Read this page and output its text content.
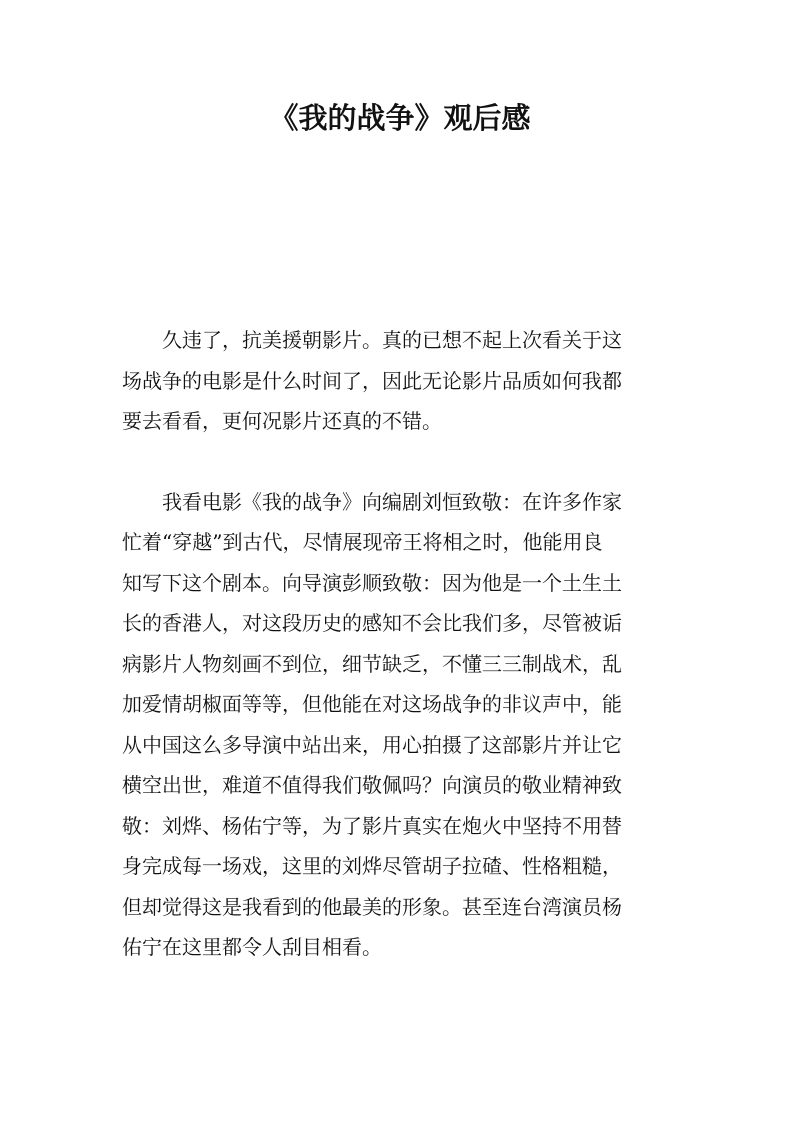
《我的战争》观后感

久违了，抗美援朝影片。真的已想不起上次看关于这
场战争的电影是什么时间了，因此无论影片品质如何我都
要去看看，更何况影片还真的不错。

我看电影《我的战争》向编剧刘恒致敬：在许多作家
忙着“穿越”到古代，尽情展现帝王将相之时，他能用良
知写下这个剧本。向导演彭顺致敬：因为他是一个土生土
长的香港人，对这段历史的感知不会比我们多，尽管被诟
病影片人物刻画不到位，细节缺乏，不懂三三制战术，乱
加爱情胡椒面等等，但他能在对这场战争的非议声中，能
从中国这么多导演中站出来，用心拍摄了这部影片并让它
横空出世，难道不值得我们敬佩吗？向演员的敬业精神致
敬：刘烨、杨佑宁等，为了影片真实在炮火中坚持不用替
身完成每一场戏，这里的刘烨尽管胡子拉碴、性格粗糙，
但却觉得这是我看到的他最美的形象。甚至连台湾演员杨
佑宁在这里都令人刮目相看。
